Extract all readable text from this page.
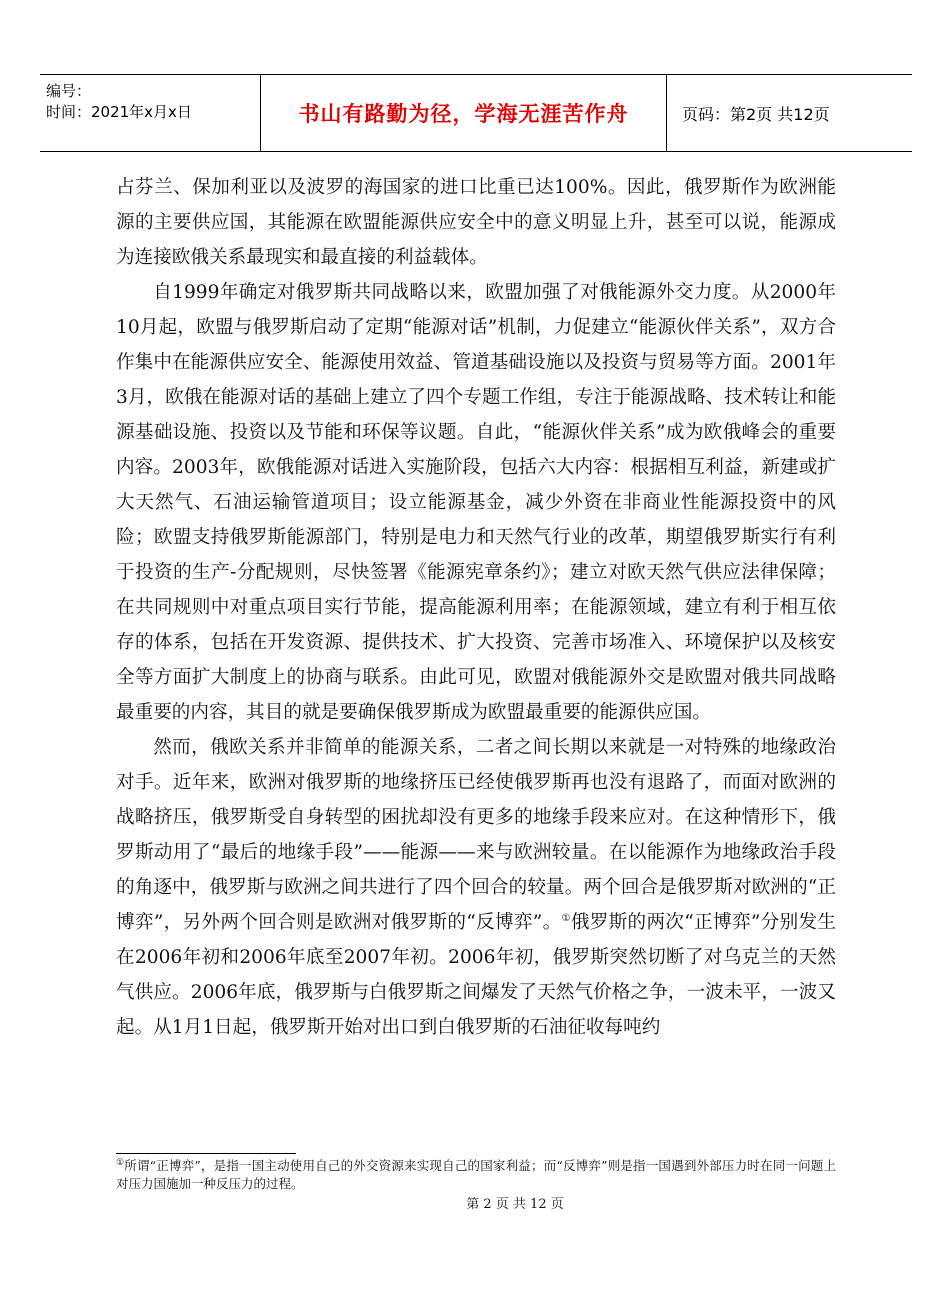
编号：
时间：2021年x月x日	书山有路勤为径，学海无涯苦作舟	页码：第2页 共12页

占芬兰、保加利亚以及波罗的海国家的进口比重已达100%。因此，俄罗斯作为欧洲能源的主要供应国，其能源在欧盟能源供应安全中的意义明显上升，甚至可以说，能源成为连接欧俄关系最现实和最直接的利益载体。

自1999年确定对俄罗斯共同战略以来，欧盟加强了对俄能源外交力度。从2000年10月起，欧盟与俄罗斯启动了定期“能源对话”机制，力促建立“能源伙伴关系”，双方合作集中在能源供应安全、能源使用效益、管道基础设施以及投资与贸易等方面。2001年3月，欧俄在能源对话的基础上建立了四个专题工作组，专注于能源战略、技术转让和能源基础设施、投资以及节能和环保等议题。自此，“能源伙伴关系”成为欧俄峰会的重要内容。2003年，欧俄能源对话进入实施阶段，包括六大内容：根据相互利益，新建或扩大天然气、石油运输管道项目；设立能源基金，减少外资在非商业性能源投资中的风险；欧盟支持俄罗斯能源部门，特别是电力和天然气行业的改革，期望俄罗斯实行有利于投资的生产-分配规则，尽快签署《能源宪章条约》；建立对欧天然气供应法律保障；在共同规则中对重点项目实行节能，提高能源利用率；在能源领域，建立有利于相互依存的体系，包括在开发资源、提供技术、扩大投资、完善市场准入、环境保护以及核安全等方面扩大制度上的协商与联系。由此可见，欧盟对俄能源外交是欧盟对俄共同战略最重要的内容，其目的就是要确保俄罗斯成为欧盟最重要的能源供应国。

然而，俄欧关系并非简单的能源关系，二者之间长期以来就是一对特殊的地缘政治对手。近年来，欧洲对俄罗斯的地缘挤压已经使俄罗斯再也没有退路了，而面对欧洲的战略挤压，俄罗斯受自身转型的困扰却没有更多的地缘手段来应对。在这种情形下，俄罗斯动用了“最后的地缘手段”——能源——来与欧洲较量。在以能源作为地缘政治手段的角逐中，俄罗斯与欧洲之间共进行了四个回合的较量。两个回合是俄罗斯对欧洲的“正博弈”，另外两个回合则是欧洲对俄罗斯的“反博弈”。①俄罗斯的两次“正博弈”分别发生在2006年初和2006年底至2007年初。2006年初，俄罗斯突然切断了对乌克兰的天然气供应。2006年底，俄罗斯与白俄罗斯之间爆发了天然气价格之争，一波未平，一波又起。从1月1日起，俄罗斯开始对出口到白俄罗斯的石油征收每吨约

①所谓“正博弈”，是指一国主动使用自己的外交资源来实现自己的国家利益；而“反博弈”则是指一国遇到外部压力时在同一问题上对压力国施加一种反压力的过程。
第 2 页 共 12 页
